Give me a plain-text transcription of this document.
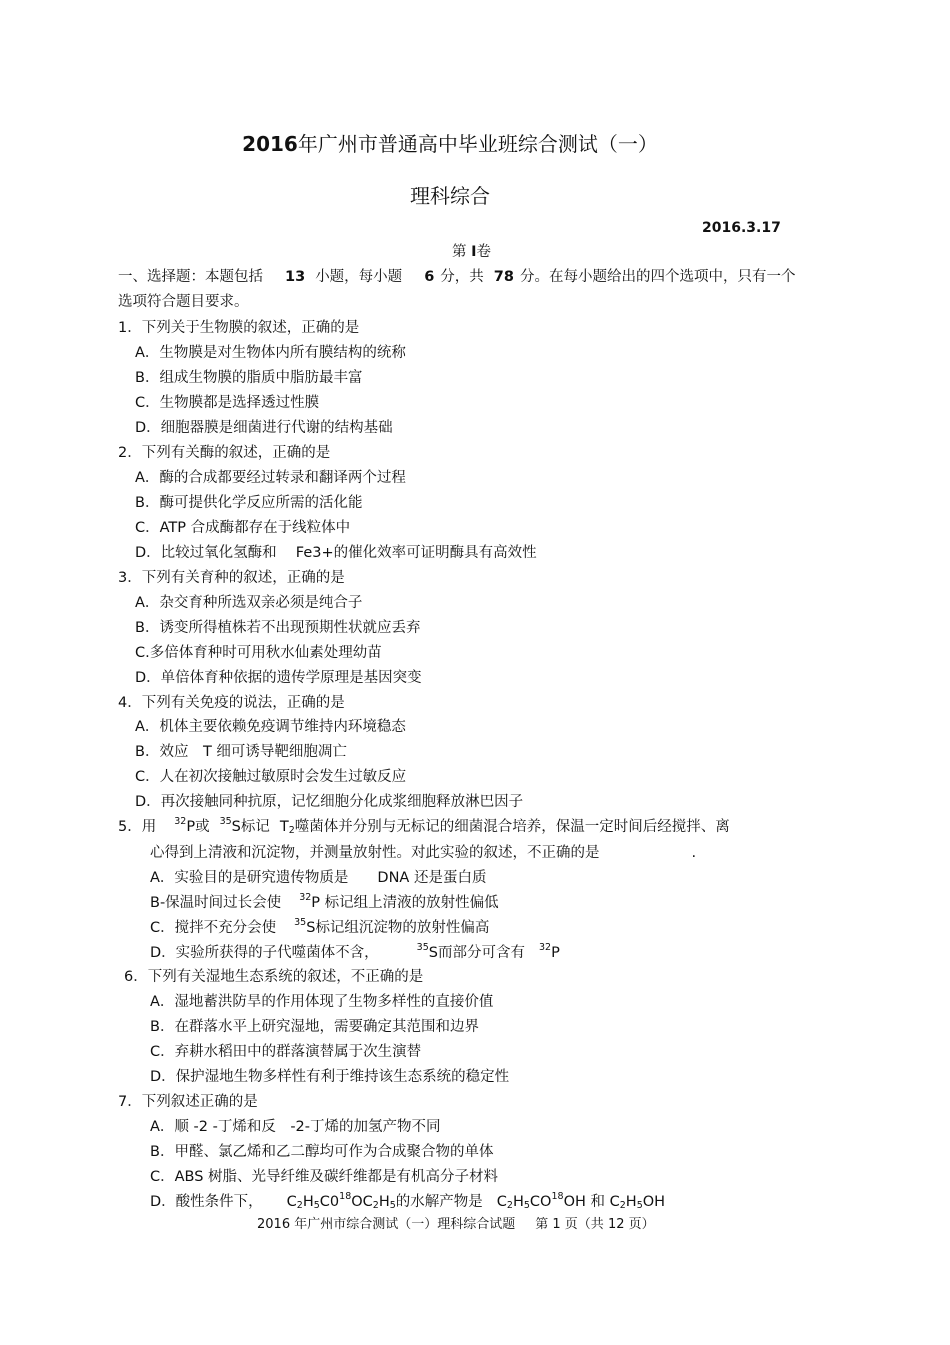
2016年广州市普通高中毕业班综合测试（一）
理科综合
2016.3.17
第 I卷
一、选择题：本题包括 13 小题，每小题 6 分，共 78 分。在每小题给出的四个选项中，只有一个
选项符合题目要求。
1．下列关于生物膜的叙述，正确的是
A．生物膜是对生物体内所有膜结构的统称
B．组成生物膜的脂质中脂肪最丰富
C．生物膜都是选择透过性膜
D．细胞器膜是细菌进行代谢的结构基础
2．下列有关酶的叙述，正确的是
A．酶的合成都要经过转录和翻译两个过程
B．酶可提供化学反应所需的活化能
C．ATP 合成酶都存在于线粒体中
D．比较过氧化氢酶和　 Fe3+的催化效率可证明酶具有高效性
3．下列有关育种的叙述，正确的是
A．杂交育种所选双亲必须是纯合子
B．诱变所得植株若不出现预期性状就应丢弃
C.多倍体育种时可用秋水仙素处理幼苗
D．单倍体育种依据的遗传学原理是基因突变
4．下列有关免疫的说法，正确的是
A．机体主要依赖免疫调节维持内环境稳态
B．效应　T 细可诱导靶细胞凋亡
C．人在初次接触过敏原时会发生过敏反应
D．再次接触同种抗原，记忆细胞分化成浆细胞释放淋巴因子
5．用 $^{32}$P或 $^{35}$S标记 $T_2$噬菌体并分别与无标记的细菌混合培养，保温一定时间后经搅拌、离
心得到上清液和沉淀物，并测量放射性。对此实验的叙述，不正确的是	.
A．实验目的是研究遗传物质是　　DNA 还是蛋白质
B-保温时间过长会使 $^{32}$P 标记组上清液的放射性偏低
C．搅拌不充分会使 $^{35}$S标记组沉淀物的放射性偏高
D．实验所获得的子代噬菌体不含，	$^{35}$S而部分可含有 $^{32}$P
6．下列有关湿地生态系统的叙述，不正确的是
A．湿地蓄洪防旱的作用体现了生物多样性的直接价值
B．在群落水平上研究湿地，需要确定其范围和边界
C．弃耕水稻田中的群落演替属于次生演替
D．保护湿地生物多样性有利于维持该生态系统的稳定性
7．下列叙述正确的是
A．顺 -2 -丁烯和反　-2-丁烯的加氢产物不同
B．甲醛、氯乙烯和乙二醇均可作为合成聚合物的单体
C．ABS 树脂、光导纤维及碳纤维都是有机高分子材料
D．酸性条件下， $C_2H_5C0^{18}OC_2H_5$的水解产物是 $C_2H_5CO^{18}OH$ 和 $C_2H_5OH$
2016 年广州市综合测试（一）理科综合试题 第 1 页（共 12 页）
